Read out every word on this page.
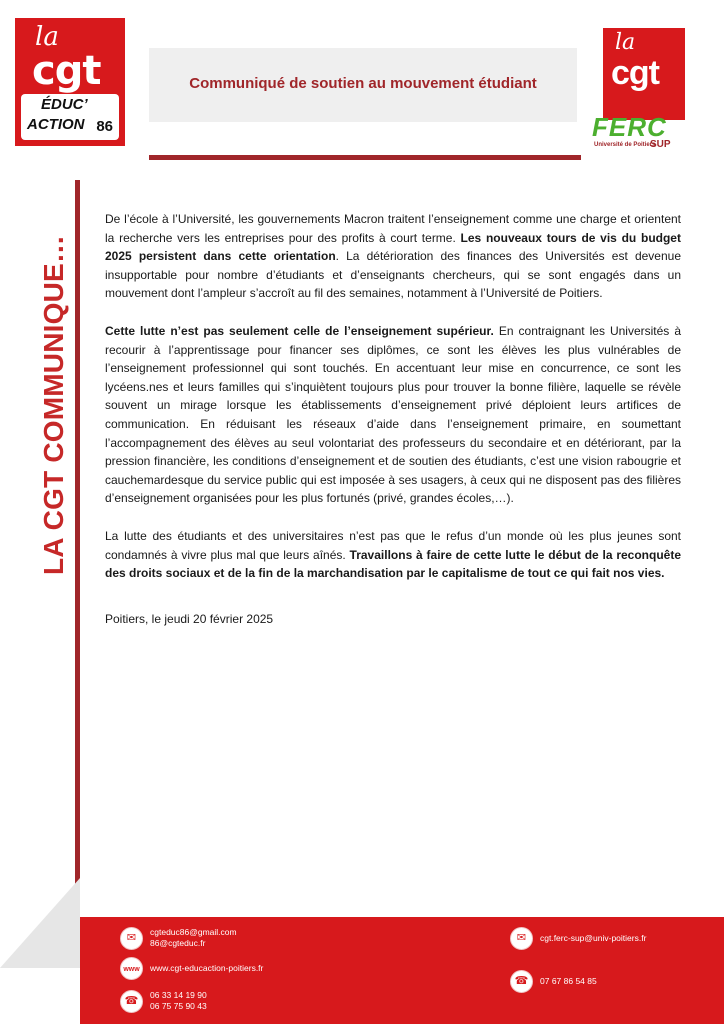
la
cgt
ÉDUC’
ACTION 86
Communiqué de soutien au mouvement étudiant
la
cgt
FERC
Université de Poitiers
SUP
LA CGT COMMUNIQUE…

De l’école à l’Université, les gouvernements Macron traitent l’enseignement comme une charge et orientent la recherche vers les entreprises pour des profits à court terme. Les nouveaux tours de vis du budget 2025 persistent dans cette orientation. La détérioration des finances des Universités est devenue insupportable pour nombre d’étudiants et d’enseignants chercheurs, qui se sont engagés dans un mouvement dont l’ampleur s’accroît au fil des semaines, notamment à l’Université de Poitiers.

Cette lutte n’est pas seulement celle de l’enseignement supérieur. En contraignant les Universités à recourir à l’apprentissage pour financer ses diplômes, ce sont les élèves les plus vulnérables de l’enseignement professionnel qui sont touchés. En accentuant leur mise en concurrence, ce sont les lycéens.nes et leurs familles qui s’inquiètent toujours plus pour trouver la bonne filière, laquelle se révèle souvent un mirage lorsque les établissements d’enseignement privé déploient leurs artifices de communication. En réduisant les réseaux d’aide dans l’enseignement primaire, en soumettant l’accompagnement des élèves au seul volontariat des professeurs du secondaire et en détériorant, par la pression financière, les conditions d’enseignement et de soutien des étudiants, c’est une vision rabougrie et cauchemardesque du service public qui est imposée à ses usagers, à ceux qui ne disposent pas des filières d’enseignement organisées pour les plus fortunés (privé, grandes écoles,…).

La lutte des étudiants et des universitaires n’est pas que le refus d’un monde où les plus jeunes sont condamnés à vivre plus mal que leurs aînés. Travaillons à faire de cette lutte le début de la reconquête des droits sociaux et de la fin de la marchandisation par le capitalisme de tout ce qui fait nos vies.

Poitiers, le jeudi 20 février 2025

✉	cgteduc86@gmail.com
86@cgteduc.fr
www www.cgt-educaction-poitiers.fr
☎	06 33 14 19 90
06 75 75 90 43
✉	cgt.ferc-sup@univ-poitiers.fr
☎	07 67 86 54 85
